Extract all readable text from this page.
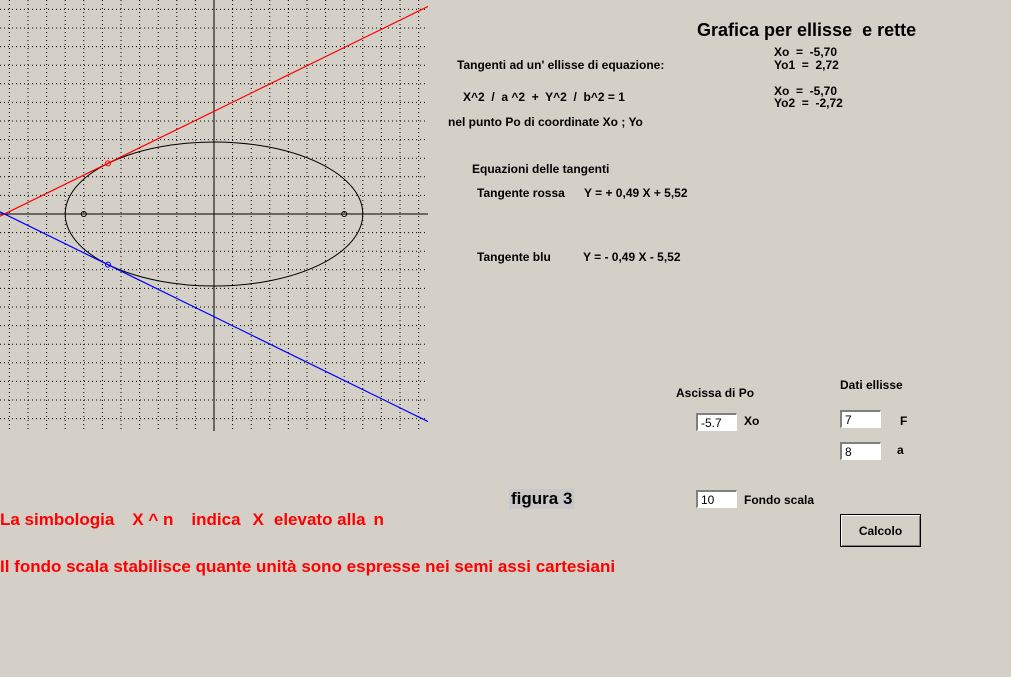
Grafica per ellisse  e rette
Tangenti ad un' ellisse di equazione:
X^2  /  a ^2  +  Y^2  /  b^2 = 1
nel punto Po di coordinate Xo ; Yo
Xo  =  -5,70
Yo1  =  2,72
Xo  =  -5,70
Yo2  =  -2,72
Equazioni delle tangenti
Tangente rossa Y = + 0,49 X + 5,52
Tangente blu	Y = - 0,49 X - 5,52
Ascissa di Po
Dati ellisse
-5.7
Xo
7	F
8
a
10
Fondo scala
Calcolo
figura 3
La simbologia X ^ n indica X elevato alla n
Il fondo scala stabilisce quante unità sono espresse nei semi assi cartesiani
